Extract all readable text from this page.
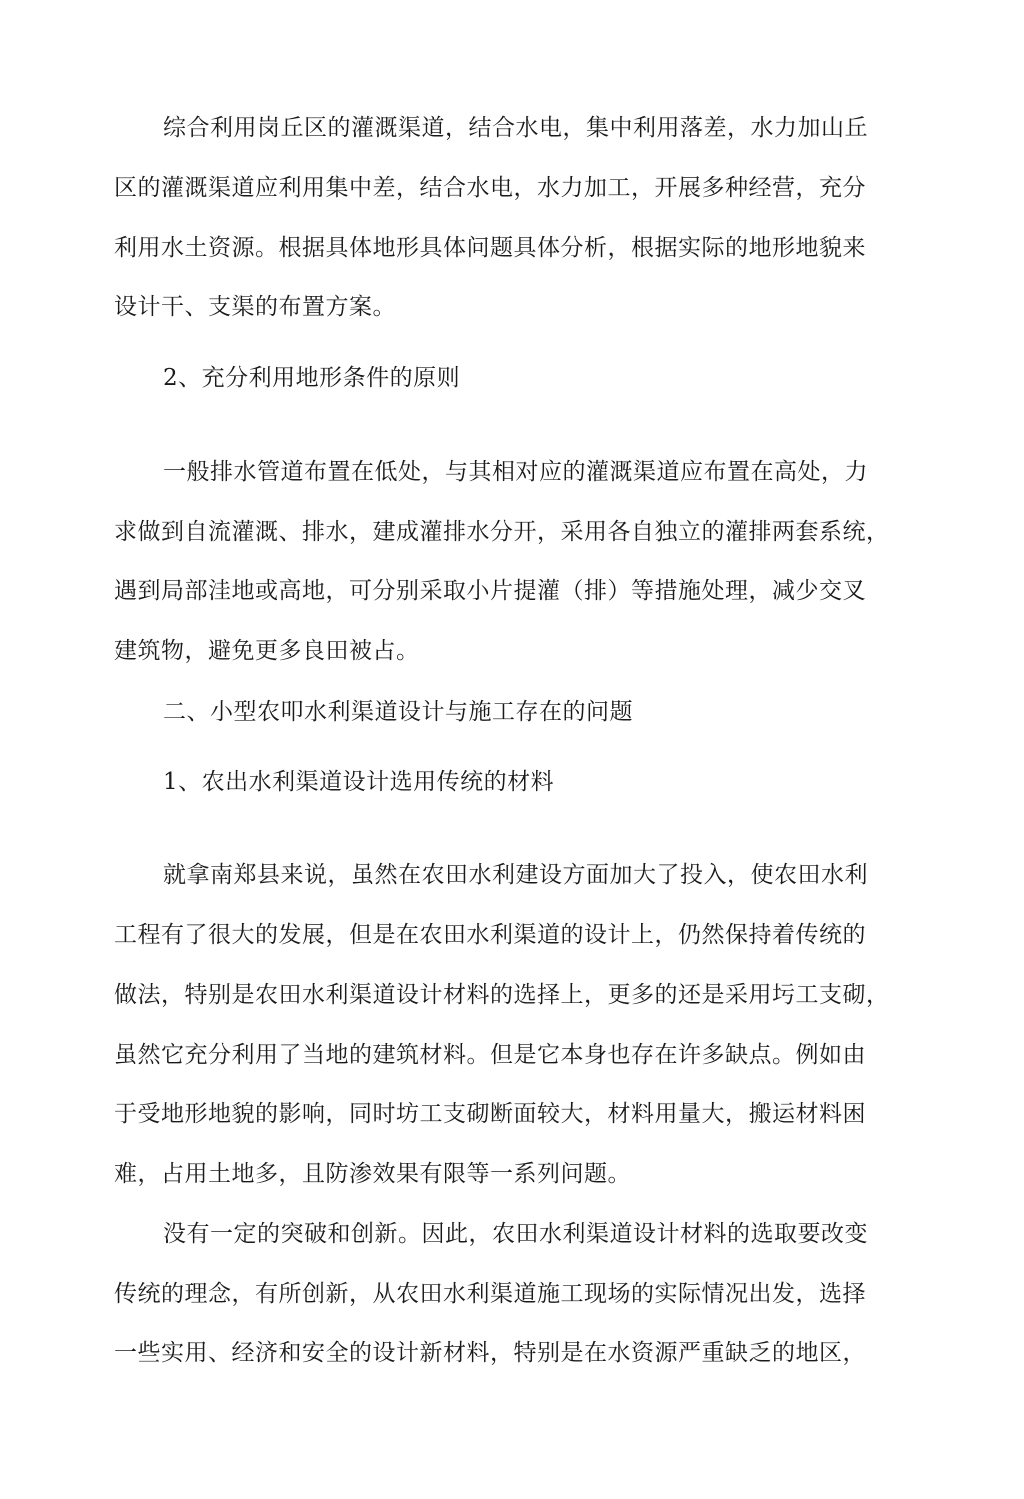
综合利用岗丘区的灌溉渠道，结合水电，集中利用落差，水力加山丘

区的灌溉渠道应利用集中差，结合水电，水力加工，开展多种经营，充分

利用水土资源。根据具体地形具体问题具体分析，根据实际的地形地貌来

设计干、支渠的布置方案。

2、充分利用地形条件的原则

一般排水管道布置在低处，与其相对应的灌溉渠道应布置在高处，力

求做到自流灌溉、排水，建成灌排水分开，采用各自独立的灌排两套系统，

遇到局部洼地或高地，可分别采取小片提灌（排）等措施处理，减少交叉

建筑物，避免更多良田被占。

二、小型农叩水利渠道设计与施工存在的问题

1、农出水利渠道设计选用传统的材料

就拿南郑县来说，虽然在农田水利建设方面加大了投入，使农田水利

工程有了很大的发展，但是在农田水利渠道的设计上，仍然保持着传统的

做法，特别是农田水利渠道设计材料的选择上，更多的还是采用圬工支砌，

虽然它充分利用了当地的建筑材料。但是它本身也存在许多缺点。例如由

于受地形地貌的影响，同时坊工支砌断面较大，材料用量大，搬运材料困

难，占用土地多，且防渗效果有限等一系列问题。

没有一定的突破和创新。因此，农田水利渠道设计材料的选取要改变

传统的理念，有所创新，从农田水利渠道施工现场的实际情况出发，选择

一些实用、经济和安全的设计新材料，特别是在水资源严重缺乏的地区，
